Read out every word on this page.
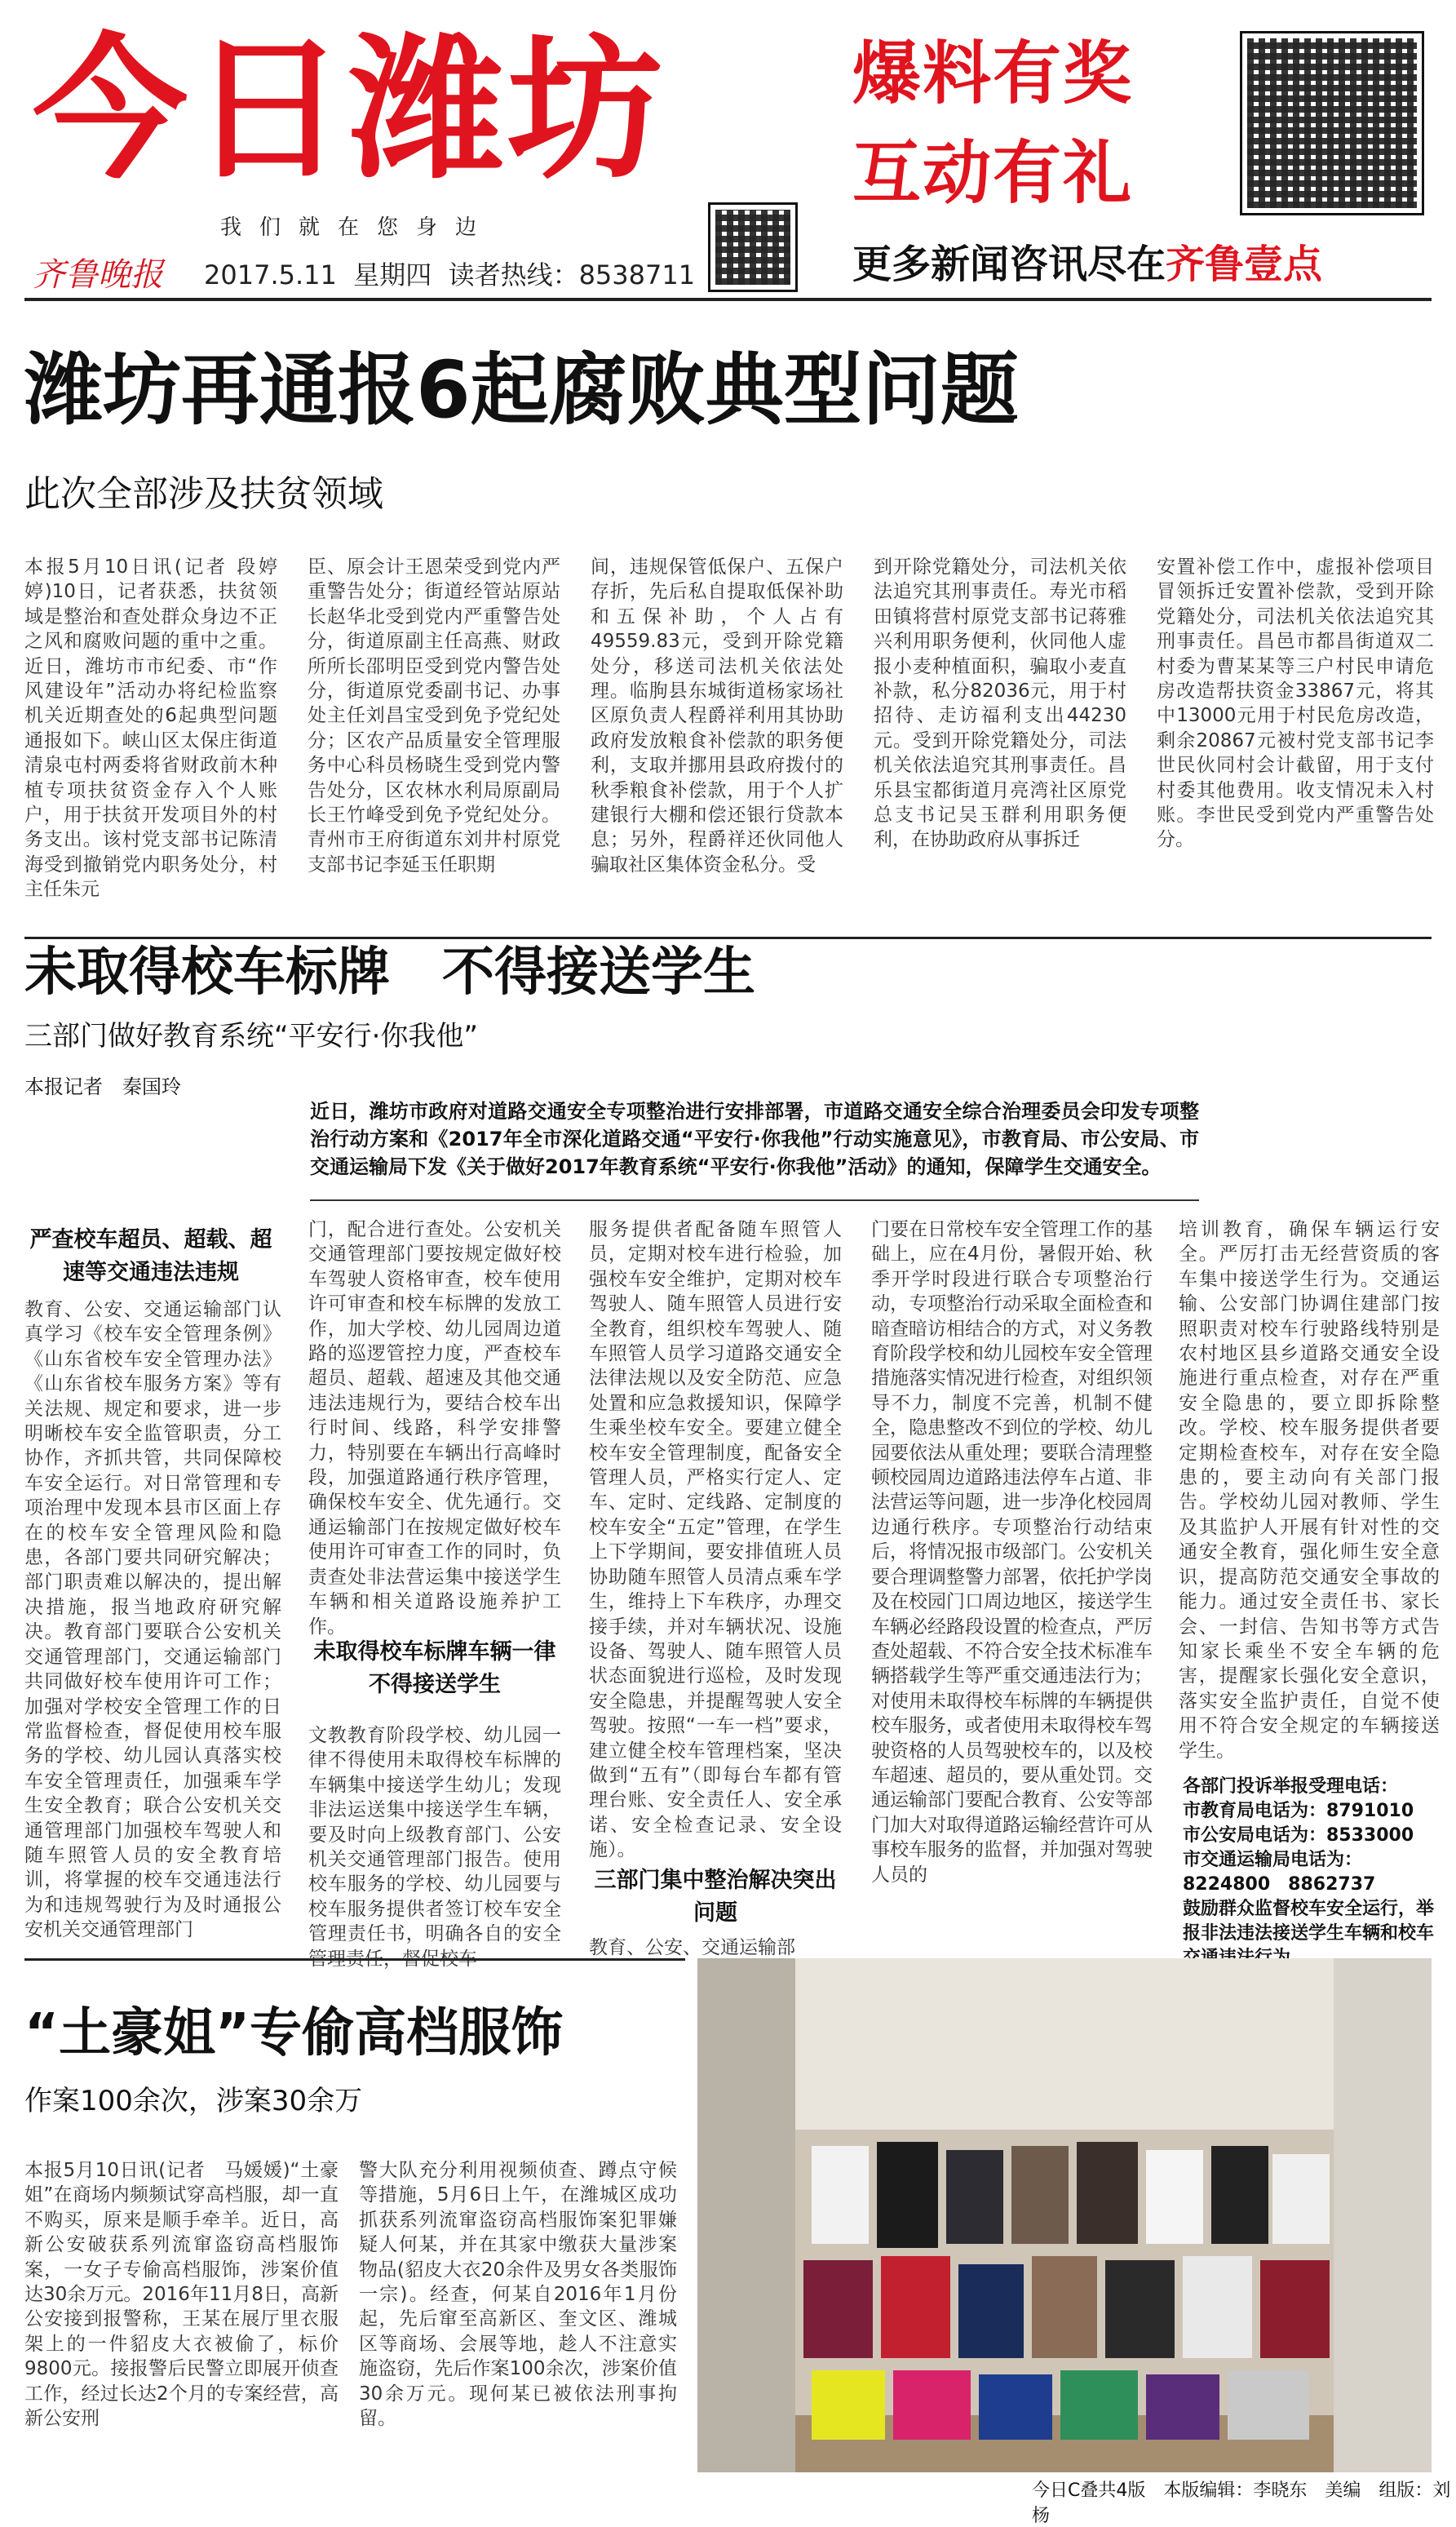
今日潍坊
我们就在您身边
齐鲁晚报 2017.5.11 星期四 读者热线：8538711
爆料有奖
互动有礼
更多新闻咨讯尽在齐鲁壹点
潍坊再通报6起腐败典型问题
此次全部涉及扶贫领域
本报5月10日讯(记者 段婷婷)10日，记者获悉，扶贫领域是整治和查处群众身边不正之风和腐败问题的重中之重。近日，潍坊市市纪委、市“作风建设年”活动办将纪检监察机关近期查处的6起典型问题通报如下。峡山区太保庄街道清泉屯村两委将省财政前木种植专项扶贫资金存入个人账户，用于扶贫开发项目外的村务支出。该村党支部书记陈清海受到撤销党内职务处分，村主任朱元
臣、原会计王恩荣受到党内严重警告处分；街道经管站原站长赵华北受到党内严重警告处分，街道原副主任高燕、财政所所长邵明臣受到党内警告处分，街道原党委副书记、办事处主任刘昌宝受到免予党纪处分；区农产品质量安全管理服务中心科员杨晓生受到党内警告处分，区农林水利局原副局长王竹峰受到免予党纪处分。青州市王府街道东刘井村原党支部书记李延玉任职期
间，违规保管低保户、五保户存折，先后私自提取低保补助和五保补助，个人占有49559.83元，受到开除党籍处分，移送司法机关依法处理。临朐县东城街道杨家场社区原负责人程爵祥利用其协助政府发放粮食补偿款的职务便利，支取并挪用县政府拨付的秋季粮食补偿款，用于个人扩建银行大棚和偿还银行贷款本息；另外，程爵祥还伙同他人骗取社区集体资金私分。受
到开除党籍处分，司法机关依法追究其刑事责任。寿光市稻田镇将营村原党支部书记蒋雅兴利用职务便利，伙同他人虚报小麦种植面积，骗取小麦直补款，私分82036元，用于村招待、走访福利支出44230元。受到开除党籍处分，司法机关依法追究其刑事责任。昌乐县宝都街道月亮湾社区原党总支书记吴玉群利用职务便利，在协助政府从事拆迁
安置补偿工作中，虚报补偿项目冒领拆迁安置补偿款，受到开除党籍处分，司法机关依法追究其刑事责任。昌邑市都昌街道双二村委为曹某某等三户村民申请危房改造帮扶资金33867元，将其中13000元用于村民危房改造，剩余20867元被村党支部书记李世民伙同村会计截留，用于支付村委其他费用。收支情况未入村账。李世民受到党内严重警告处分。
未取得校车标牌　不得接送学生
三部门做好教育系统“平安行·你我他”
本报记者　秦国玲
近日，潍坊市政府对道路交通安全专项整治进行安排部署，市道路交通安全综合治理委员会印发专项整治行动方案和《2017年全市深化道路交通“平安行·你我他”行动实施意见》，市教育局、市公安局、市交通运输局下发《关于做好2017年教育系统“平安行·你我他”活动》的通知，保障学生交通安全。
严查校车超员、超载、超速等交通违法违规
教育、公安、交通运输部门认真学习《校车安全管理条例》《山东省校车安全管理办法》《山东省校车服务方案》等有关法规、规定和要求，进一步明晰校车安全监管职责，分工协作，齐抓共管，共同保障校车安全运行。对日常管理和专项治理中发现本县市区面上存在的校车安全管理风险和隐患，各部门要共同研究解决；部门职责难以解决的，提出解决措施，报当地政府研究解决。教育部门要联合公安机关交通管理部门，交通运输部门共同做好校车使用许可工作；加强对学校安全管理工作的日常监督检查，督促使用校车服务的学校、幼儿园认真落实校车安全管理责任，加强乘车学生安全教育；联合公安机关交通管理部门加强校车驾驶人和随车照管人员的安全教育培训，将掌握的校车交通违法行为和违规驾驶行为及时通报公安机关交通管理部门
门，配合进行查处。公安机关交通管理部门要按规定做好校车驾驶人资格审查，校车使用许可审查和校车标牌的发放工作，加大学校、幼儿园周边道路的巡逻管控力度，严查校车超员、超载、超速及其他交通违法违规行为，要结合校车出行时间、线路，科学安排警力，特别要在车辆出行高峰时段，加强道路通行秩序管理，确保校车安全、优先通行。交通运输部门在按规定做好校车使用许可审查工作的同时，负责查处非法营运集中接送学生车辆和相关道路设施养护工作。
未取得校车标牌车辆一律不得接送学生
文教教育阶段学校、幼儿园一律不得使用未取得校车标牌的车辆集中接送学生幼儿；发现非法运送集中接送学生车辆，要及时向上级教育部门、公安机关交通管理部门报告。使用校车服务的学校、幼儿园要与校车服务提供者签订校车安全管理责任书，明确各自的安全管理责任，督促校车
服务提供者配备随车照管人员，定期对校车进行检验，加强校车安全维护，定期对校车驾驶人、随车照管人员进行安全教育，组织校车驾驶人、随车照管人员学习道路交通安全法律法规以及安全防范、应急处置和应急救援知识，保障学生乘坐校车安全。要建立健全校车安全管理制度，配备安全管理人员，严格实行定人、定车、定时、定线路、定制度的校车安全“五定”管理，在学生上下学期间，要安排值班人员协助随车照管人员清点乘车学生，维持上下车秩序，办理交接手续，并对车辆状况、设施设备、驾驶人、随车照管人员状态面貌进行巡检，及时发现安全隐患，并提醒驾驶人安全驾驶。按照“一车一档”要求，建立健全校车管理档案，坚决做到“五有”（即每台车都有管理台账、安全责任人、安全承诺、安全检查记录、安全设施）。
三部门集中整治解决突出问题
教育、公安、交通运输部
门要在日常校车安全管理工作的基础上，应在4月份，暑假开始、秋季开学时段进行联合专项整治行动，专项整治行动采取全面检查和暗查暗访相结合的方式，对义务教育阶段学校和幼儿园校车安全管理措施落实情况进行检查，对组织领导不力，制度不完善，机制不健全，隐患整改不到位的学校、幼儿园要依法从重处理；要联合清理整顿校园周边道路违法停车占道、非法营运等问题，进一步净化校园周边通行秩序。专项整治行动结束后，将情况报市级部门。公安机关要合理调整警力部署，依托护学岗及在校园门口周边地区，接送学生车辆必经路段设置的检查点，严厉查处超载、不符合安全技术标准车辆搭载学生等严重交通违法行为；对使用未取得校车标牌的车辆提供校车服务，或者使用未取得校车驾驶资格的人员驾驶校车的，以及校车超速、超员的，要从重处罚。交通运输部门要配合教育、公安等部门加大对取得道路运输经营许可从事校车服务的监督，并加强对驾驶人员的
培训教育，确保车辆运行安全。严厉打击无经营资质的客车集中接送学生行为。交通运输、公安部门协调住建部门按照职责对校车行驶路线特别是农村地区县乡道路交通安全设施进行重点检查，对存在严重安全隐患的，要立即拆除整改。学校、校车服务提供者要定期检查校车，对存在安全隐患的，要主动向有关部门报告。学校幼儿园对教师、学生及其监护人开展有针对性的交通安全教育，强化师生安全意识，提高防范交通安全事故的能力。通过安全责任书、家长会、一封信、告知书等方式告知家长乘坐不安全车辆的危害，提醒家长强化安全意识，落实安全监护责任，自觉不使用不符合安全规定的车辆接送学生。
各部门投诉举报受理电话：
市教育局电话为：8791010
市公安局电话为：8533000
市交通运输局电话为：8224800　8862737
鼓励群众监督校车安全运行，举报非法违法接送学生车辆和校车
“土豪姐”专偷高档服饰
作案100余次，涉案30余万
本报5月10日讯(记者　马媛媛)“土豪姐”在商场内频频试穿高档服，却一直不购买，原来是顺手牵羊。近日，高新公安破获系列流窜盗窃高档服饰案，一女子专偷高档服饰，涉案价值达30余万元。2016年11月8日，高新公安接到报警称，王某在展厅里衣服架上的一件貂皮大衣被偷了，标价9800元。接报警后民警立即展开侦查工作，经过长达2个月的专案经营，高新公安刑
警大队充分利用视频侦查、蹲点守候等措施，5月6日上午，在潍城区成功抓获系列流窜盗窃高档服饰案犯罪嫌疑人何某，并在其家中缴获大量涉案物品(貂皮大衣20余件及男女各类服饰一宗)。经查，何某自2016年1月份起，先后窜至高新区、奎文区、潍城区等商场、会展等地，趁人不注意实施盗窃，先后作案100余次，涉案价值30余万元。现何某已被依法刑事拘留。
今日C叠共4版　本版编辑：李晓东　美编　组版：刘杨
